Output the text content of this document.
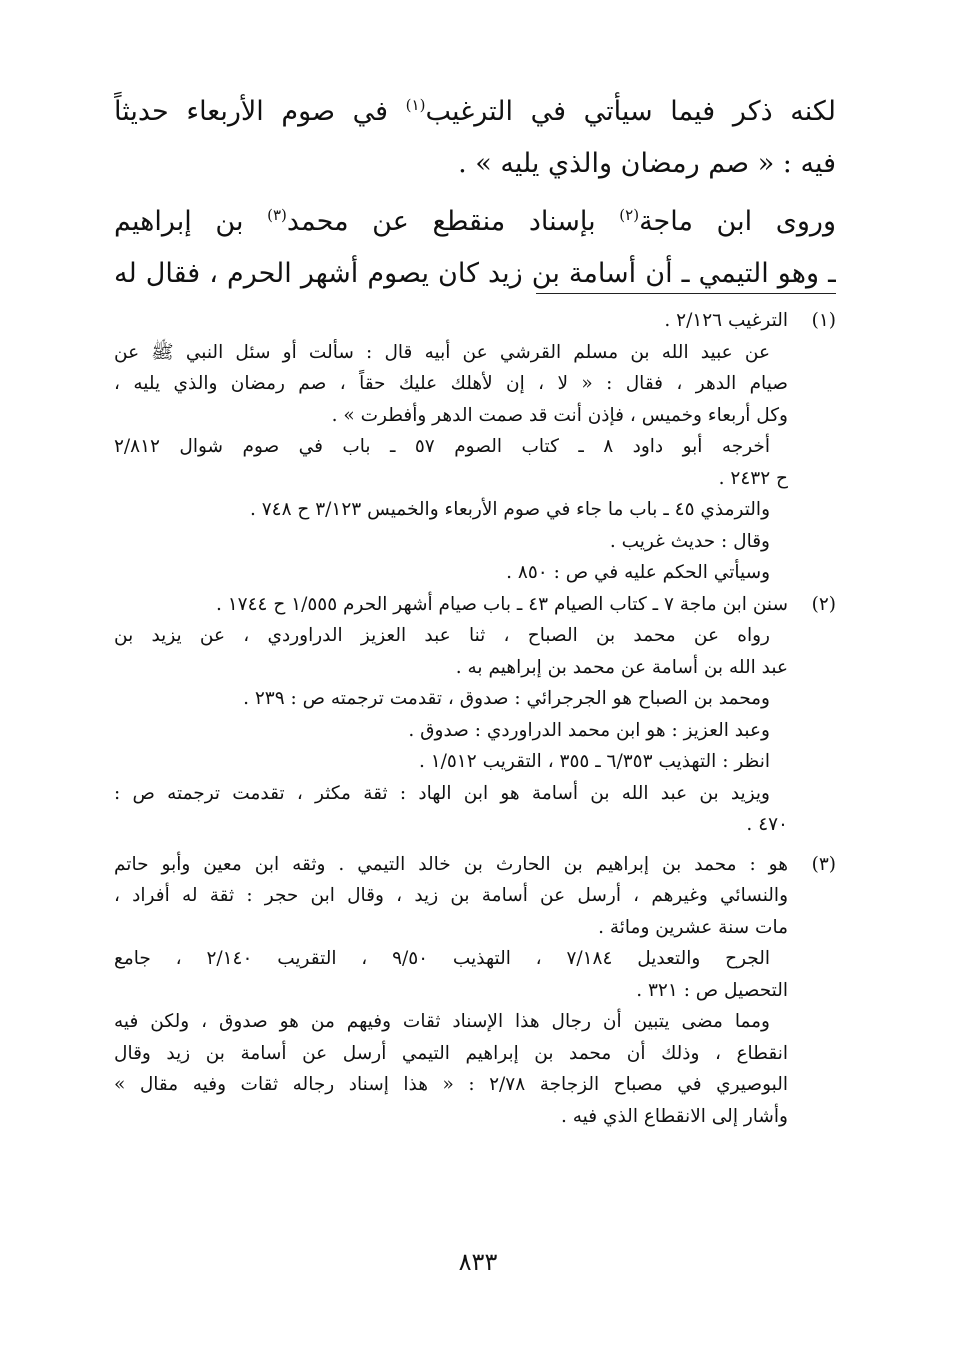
لكنه ذكر فيما سيأتي في الترغيب$^{(١)}$ في صوم الأربعاء حديثاً
فيه : « صم رمضان والذي يليه » .
وروى ابن ماجة$^{(٢)}$ بإسناد منقطع عن محمد$^{(٣)}$ بن إبراهيم
ـ وهو التيمي ـ أن أسامة بن زيد كان يصوم أشهر الحرم ، فقال له
(١)
الترغيب ٢/١٢٦ .
عن عبيد الله بن مسلم القرشي عن أبيه قال : سألت أو سئل النبي ﷺ عن
صيام الدهر ، فقال : « لا ، إن لأهلك عليك حقاً ، صم رمضان والذي يليه ،
وكل أربعاء وخميس ، فإذن أنت قد صمت الدهر وأفطرت » .
أخرجه أبو داود ٨ ـ كتاب الصوم ٥٧ ـ باب في صوم شوال ٢/٨١٢
ح ٢٤٣٢ .
والترمذي ٤٥ ـ باب ما جاء في صوم الأربعاء والخميس ٣/١٢٣ ح ٧٤٨ .
وقال : حديث غريب .
وسيأتي الحكم عليه في ص : ٨٥٠ .
(٢)
سنن ابن ماجة ٧ ـ كتاب الصيام ٤٣ ـ باب صيام أشهر الحرم ١/٥٥٥ ح ١٧٤٤ .
رواه عن محمد بن الصباح ، ثنا عبد العزيز الدراوردي ، عن يزيد بن
عبد الله بن أسامة عن محمد بن إبراهيم به .
ومحمد بن الصباح هو الجرجرائي : صدوق ، تقدمت ترجمته ص : ٢٣٩ .
وعبد العزيز : هو ابن محمد الدراوردي : صدوق .
انظر : التهذيب ٦/٣٥٣ ـ ٣٥٥ ، التقريب ١/٥١٢ .
ويزيد بن عبد الله بن أسامة هو ابن الهاد : ثقة مكثر ، تقدمت ترجمته ص :
٤٧٠ .
(٣)
هو : محمد بن إبراهيم بن الحارث بن خالد التيمي . وثقه ابن معين وأبو حاتم
والنسائي وغيرهم ، أرسل عن أسامة بن زيد ، وقال ابن حجر : ثقة له أفراد ،
مات سنة عشرين ومائة .
الجرح والتعديل ٧/١٨٤ ، التهذيب ٩/٥٠ ، التقريب ٢/١٤٠ ، جامع
التحصيل ص : ٣٢١ .
ومما مضى يتبين أن رجال هذا الإسناد ثقات وفيهم من هو صدوق ، ولكن فيه
انقطاع ، وذلك أن محمد بن إبراهيم التيمي أرسل عن أسامة بن زيد وقال
البوصيري في مصباح الزجاجة ٢/٧٨ : « هذا إسناد رجاله ثقات وفيه مقال »
وأشار إلى الانقطاع الذي فيه .
٨٣٣
